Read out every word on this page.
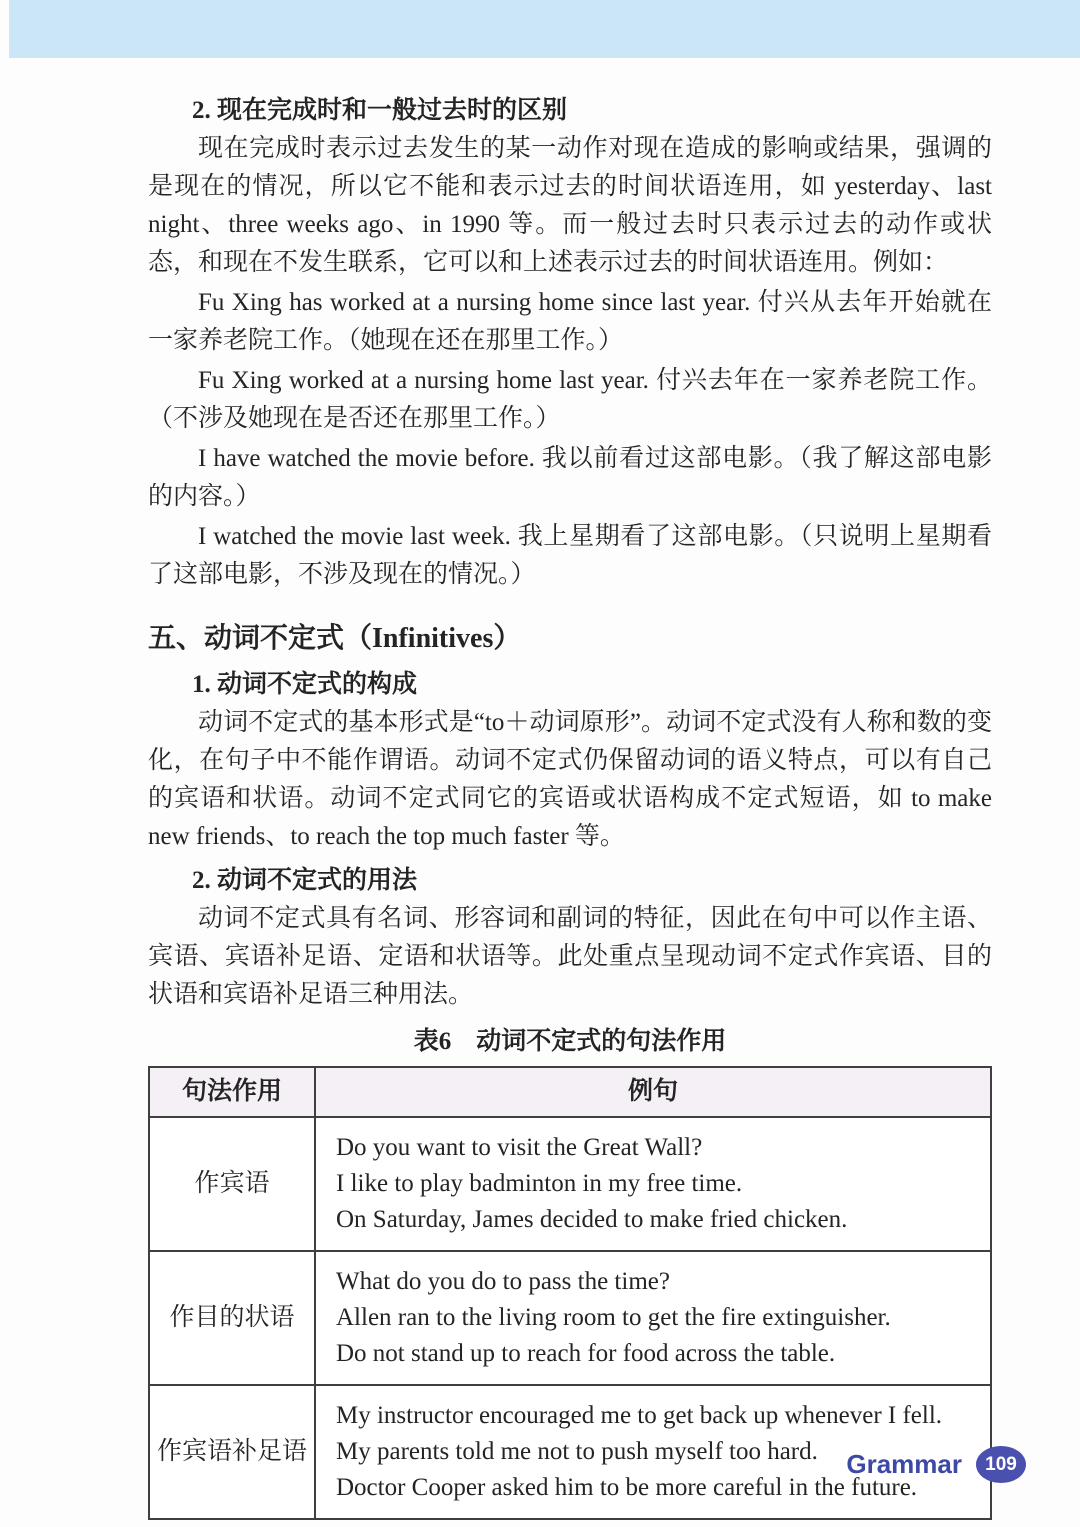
2. 现在完成时和一般过去时的区别

现在完成时表示过去发生的某一动作对现在造成的影响或结果，强调的是现在的情况，所以它不能和表示过去的时间状语连用，如 yesterday、last night、three weeks ago、in 1990 等。而一般过去时只表示过去的动作或状态，和现在不发生联系，它可以和上述表示过去的时间状语连用。例如：

Fu Xing has worked at a nursing home since last year. 付兴从去年开始就在一家养老院工作。（她现在还在那里工作。）

Fu Xing worked at a nursing home last year. 付兴去年在一家养老院工作。（不涉及她现在是否还在那里工作。）

I have watched the movie before. 我以前看过这部电影。（我了解这部电影的内容。）

I watched the movie last week. 我上星期看了这部电影。（只说明上星期看了这部电影，不涉及现在的情况。）

五、动词不定式（Infinitives）
1. 动词不定式的构成

动词不定式的基本形式是“to＋动词原形”。动词不定式没有人称和数的变化，在句子中不能作谓语。动词不定式仍保留动词的语义特点，可以有自己的宾语和状语。动词不定式同它的宾语或状语构成不定式短语，如 to make new friends、to reach the top much faster 等。

2. 动词不定式的用法

动词不定式具有名词、形容词和副词的特征，因此在句中可以作主语、宾语、宾语补足语、定语和状语等。此处重点呈现动词不定式作宾语、目的状语和宾语补足语三种用法。

表6　动词不定式的句法作用
句法作用	例句
作宾语	Do you want to visit the Great Wall?
I like to play badminton in my free time.
On Saturday, James decided to make fried chicken.

作目的状语	What do you do to pass the time?
Allen ran to the living room to get the fire extinguisher.
Do not stand up to reach for food across the table.

作宾语补足语	My instructor encouraged me to get back up whenever I fell.
My parents told me not to push myself too hard.
Doctor Cooper asked him to be more careful in the future.
Grammar	109
